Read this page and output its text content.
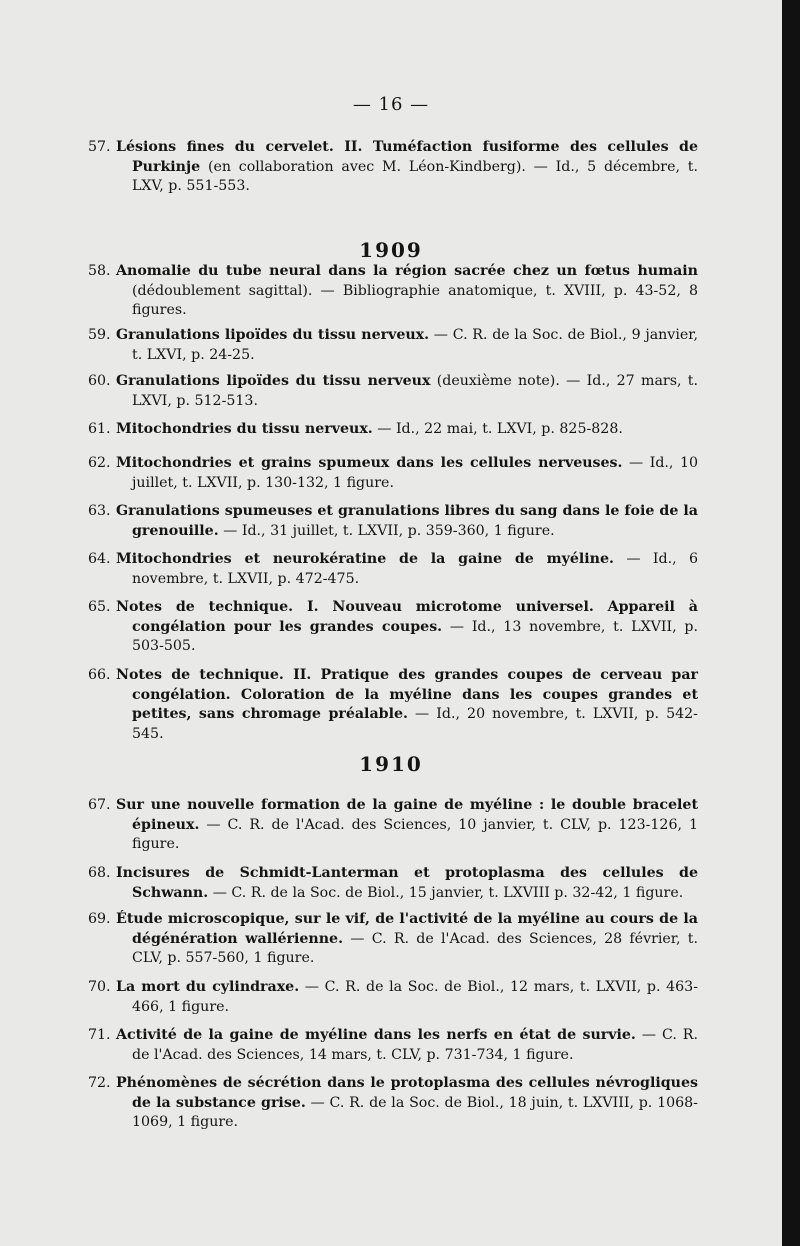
— 16 —
1909
1910
57. Lésions fines du cervelet. II. Tuméfaction fusiforme des cellules de Purkinje (en collaboration avec M. Léon-Kindberg). — Id., 5 décembre, t. LXV, p. 551-553.
58. Anomalie du tube neural dans la région sacrée chez un fœtus humain (dédoublement sagittal). — Bibliographie anatomique, t. XVIII, p. 43-52, 8 figures.
59. Granulations lipoïdes du tissu nerveux. — C. R. de la Soc. de Biol., 9 janvier, t. LXVI, p. 24-25.
60. Granulations lipoïdes du tissu nerveux (deuxième note). — Id., 27 mars, t. LXVI, p. 512-513.
61. Mitochondries du tissu nerveux. — Id., 22 mai, t. LXVI, p. 825-828.
62. Mitochondries et grains spumeux dans les cellules nerveuses. — Id., 10 juillet, t. LXVII, p. 130-132, 1 figure.
63. Granulations spumeuses et granulations libres du sang dans le foie de la grenouille. — Id., 31 juillet, t. LXVII, p. 359-360, 1 figure.
64. Mitochondries et neurokératine de la gaine de myéline. — Id., 6 novembre, t. LXVII, p. 472-475.
65. Notes de technique. I. Nouveau microtome universel. Appareil à congélation pour les grandes coupes. — Id., 13 novembre, t. LXVII, p. 503-505.
66. Notes de technique. II. Pratique des grandes coupes de cerveau par congélation. Coloration de la myéline dans les coupes grandes et petites, sans chromage préalable. — Id., 20 novembre, t. LXVII, p. 542-545.
67. Sur une nouvelle formation de la gaine de myéline : le double bracelet épineux. — C. R. de l'Acad. des Sciences, 10 janvier, t. CLV, p. 123-126, 1 figure.
68. Incisures de Schmidt-Lanterman et protoplasma des cellules de Schwann. — C. R. de la Soc. de Biol., 15 janvier, t. LXVIII p. 32-42, 1 figure.
69. Étude microscopique, sur le vif, de l'activité de la myéline au cours de la dégénération wallérienne. — C. R. de l'Acad. des Sciences, 28 février, t. CLV, p. 557-560, 1 figure.
70. La mort du cylindraxe. — C. R. de la Soc. de Biol., 12 mars, t. LXVII, p. 463-466, 1 figure.
71. Activité de la gaine de myéline dans les nerfs en état de survie. — C. R. de l'Acad. des Sciences, 14 mars, t. CLV, p. 731-734, 1 figure.
72. Phénomènes de sécrétion dans le protoplasma des cellules névrogliques de la substance grise. — C. R. de la Soc. de Biol., 18 juin, t. LXVIII, p. 1068-1069, 1 figure.
